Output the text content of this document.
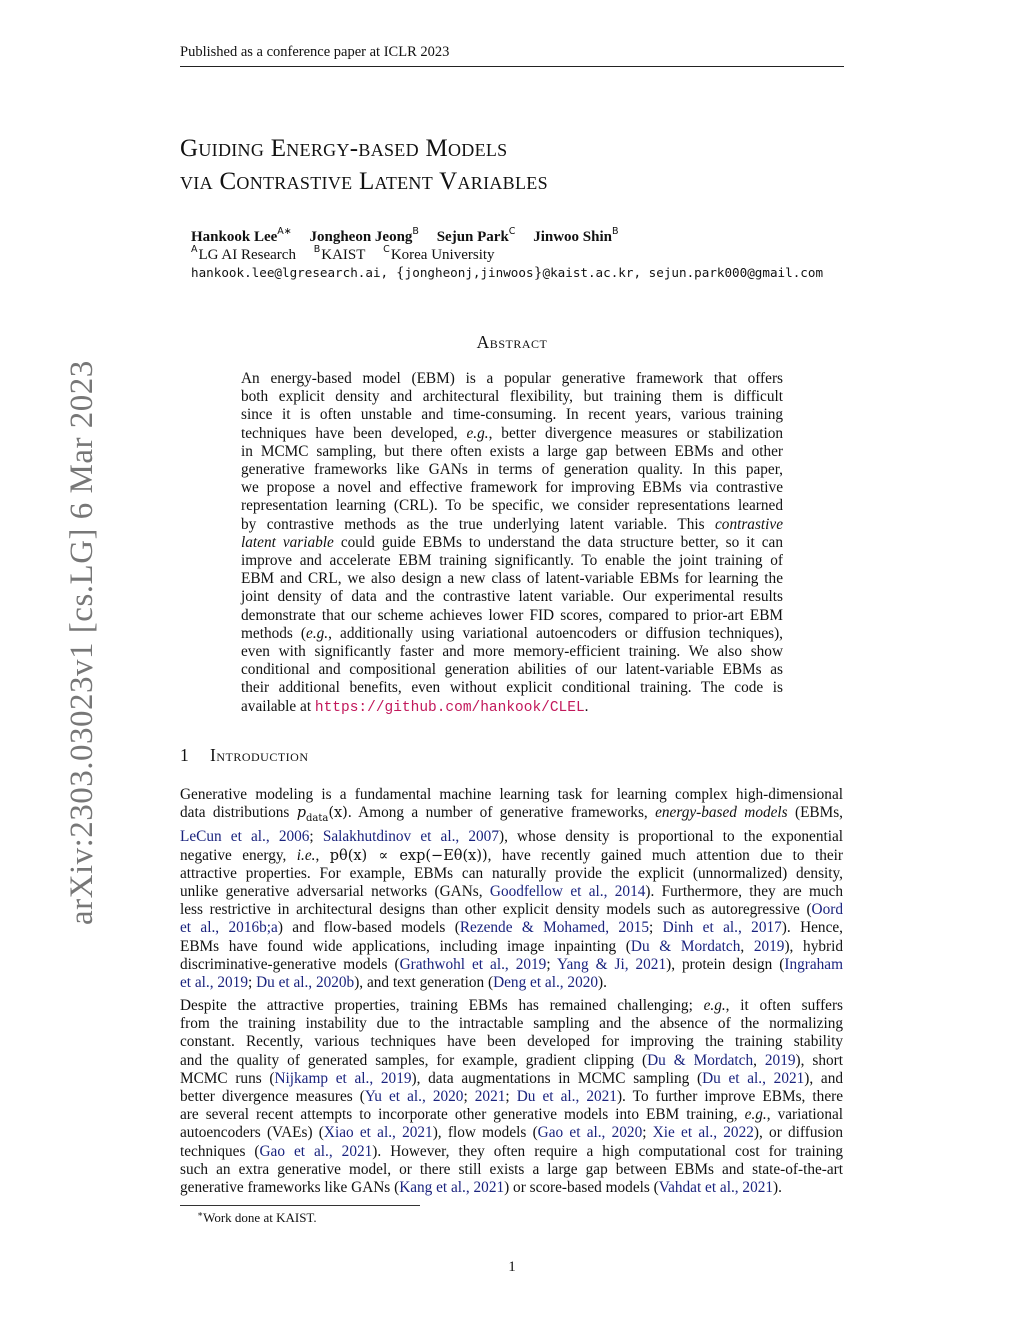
Published as a conference paper at ICLR 2023
arXiv:2303.03023v1 [cs.LG] 6 Mar 2023
Guiding Energy-based Models
via Contrastive Latent Variables
Hankook Lee$^{A∗}$ Jongheon Jeong$^B$ Sejun Park$^C$ Jinwoo Shin$^B$
$^A$LG AI Research $^B$KAIST $^C$Korea University
hankook.lee@lgresearch.ai, {jongheonj,jinwoos}@kaist.ac.kr, sejun.park000@gmail.com
Abstract
An energy-based model (EBM) is a popular generative framework that offers
both explicit density and architectural flexibility, but training them is difficult
since it is often unstable and time-consuming. In recent years, various training
techniques have been developed, e.g., better divergence measures or stabilization
in MCMC sampling, but there often exists a large gap between EBMs and other
generative frameworks like GANs in terms of generation quality. In this paper,
we propose a novel and effective framework for improving EBMs via contrastive
representation learning (CRL). To be specific, we consider representations learned
by contrastive methods as the true underlying latent variable. This contrastive
latent variable could guide EBMs to understand the data structure better, so it can
improve and accelerate EBM training significantly. To enable the joint training of
EBM and CRL, we also design a new class of latent-variable EBMs for learning the
joint density of data and the contrastive latent variable. Our experimental results
demonstrate that our scheme achieves lower FID scores, compared to prior-art EBM
methods (e.g., additionally using variational autoencoders or diffusion techniques),
even with significantly faster and more memory-efficient training. We also show
conditional and compositional generation abilities of our latent-variable EBMs as
their additional benefits, even without explicit conditional training. The code is
available at https://github.com/hankook/CLEL.
1 Introduction
Generative modeling is a fundamental machine learning task for learning complex high-dimensional
data distributions $p_{data}(x)$. Among a number of generative frameworks, energy-based models (EBMs,
LeCun et al., 2006; Salakhutdinov et al., 2007), whose density is proportional to the exponential
negative energy, i.e., pθ(x) ∝ exp(−Eθ(x)), have recently gained much attention due to their
attractive properties. For example, EBMs can naturally provide the explicit (unnormalized) density,
unlike generative adversarial networks (GANs, Goodfellow et al., 2014). Furthermore, they are much
less restrictive in architectural designs than other explicit density models such as autoregressive (Oord
et al., 2016b;a) and flow-based models (Rezende & Mohamed, 2015; Dinh et al., 2017). Hence,
EBMs have found wide applications, including image inpainting (Du & Mordatch, 2019), hybrid
discriminative-generative models (Grathwohl et al., 2019; Yang & Ji, 2021), protein design (Ingraham
et al., 2019; Du et al., 2020b), and text generation (Deng et al., 2020).
Despite the attractive properties, training EBMs has remained challenging; e.g., it often suffers
from the training instability due to the intractable sampling and the absence of the normalizing
constant. Recently, various techniques have been developed for improving the training stability
and the quality of generated samples, for example, gradient clipping (Du & Mordatch, 2019), short
MCMC runs (Nijkamp et al., 2019), data augmentations in MCMC sampling (Du et al., 2021), and
better divergence measures (Yu et al., 2020; 2021; Du et al., 2021). To further improve EBMs, there
are several recent attempts to incorporate other generative models into EBM training, e.g., variational
autoencoders (VAEs) (Xiao et al., 2021), flow models (Gao et al., 2020; Xie et al., 2022), or diffusion
techniques (Gao et al., 2021). However, they often require a high computational cost for training
such an extra generative model, or there still exists a large gap between EBMs and state-of-the-art
generative frameworks like GANs (Kang et al., 2021) or score-based models (Vahdat et al., 2021).
∗Work done at KAIST.
1
